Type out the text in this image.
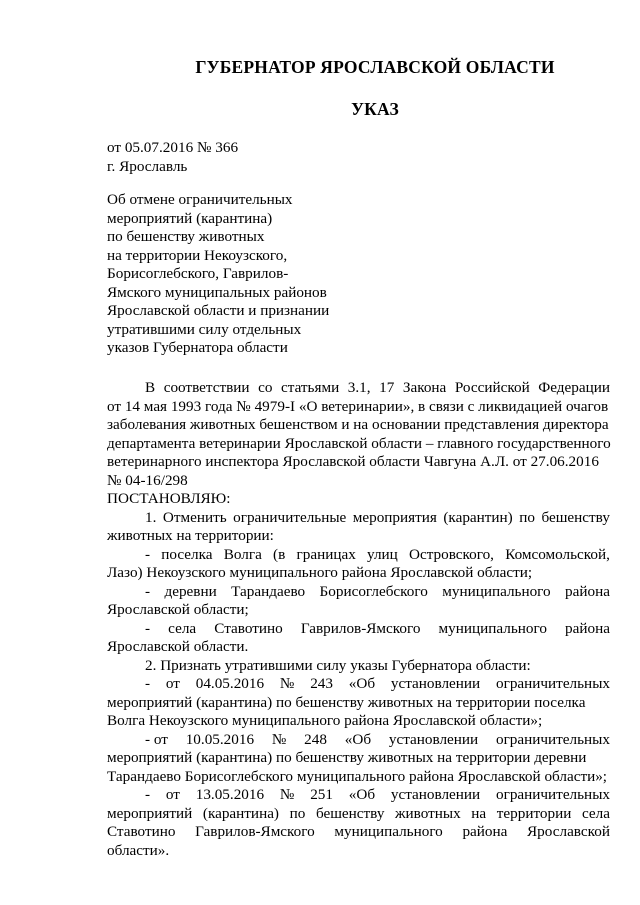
ГУБЕРНАТОР ЯРОСЛАВСКОЙ ОБЛАСТИ
УКАЗ
от 05.07.2016 № 366
г. Ярославль
Об отмене ограничительных
мероприятий (карантина)
по бешенству животных
на территории Некоузского,
Борисоглебского, Гаврилов-
Ямского муниципальных районов
Ярославской области и признании
утратившими силу отдельных
указов Губернатора области
В соответствии со статьями 3.1, 17 Закона Российской Федерации
от 14 мая 1993 года № 4979-I «О ветеринарии», в связи с ликвидацией очагов
заболевания животных бешенством и на основании представления директора
департамента ветеринарии Ярославской области – главного государственного
ветеринарного инспектора Ярославской области Чавгуна А.Л. от 27.06.2016
№ 04-16/298
ПОСТАНОВЛЯЮ:
1. Отменить ограничительные мероприятия (карантин) по бешенству
животных на территории:
- поселка Волга (в границах улиц Островского, Комсомольской,
Лазо) Некоузского муниципального района Ярославской области;
- деревни Тарандаево Борисоглебского муниципального района
Ярославской области;
- села Ставотино Гаврилов-Ямского муниципального района
Ярославской области.
2. Признать утратившими силу указы Губернатора области:
- от 04.05.2016 № 243 «Об установлении ограничительных
мероприятий (карантина) по бешенству животных на территории поселка
Волга Некоузского муниципального района Ярославской области»;
- от 10.05.2016 № 248 «Об установлении ограничительных
мероприятий (карантина) по бешенству животных на территории деревни
Тарандаево Борисоглебского муниципального района Ярославской области»;
- от 13.05.2016 № 251 «Об установлении ограничительных
мероприятий (карантина) по бешенству животных на территории села
Ставотино Гаврилов-Ямского муниципального района Ярославской
области».
